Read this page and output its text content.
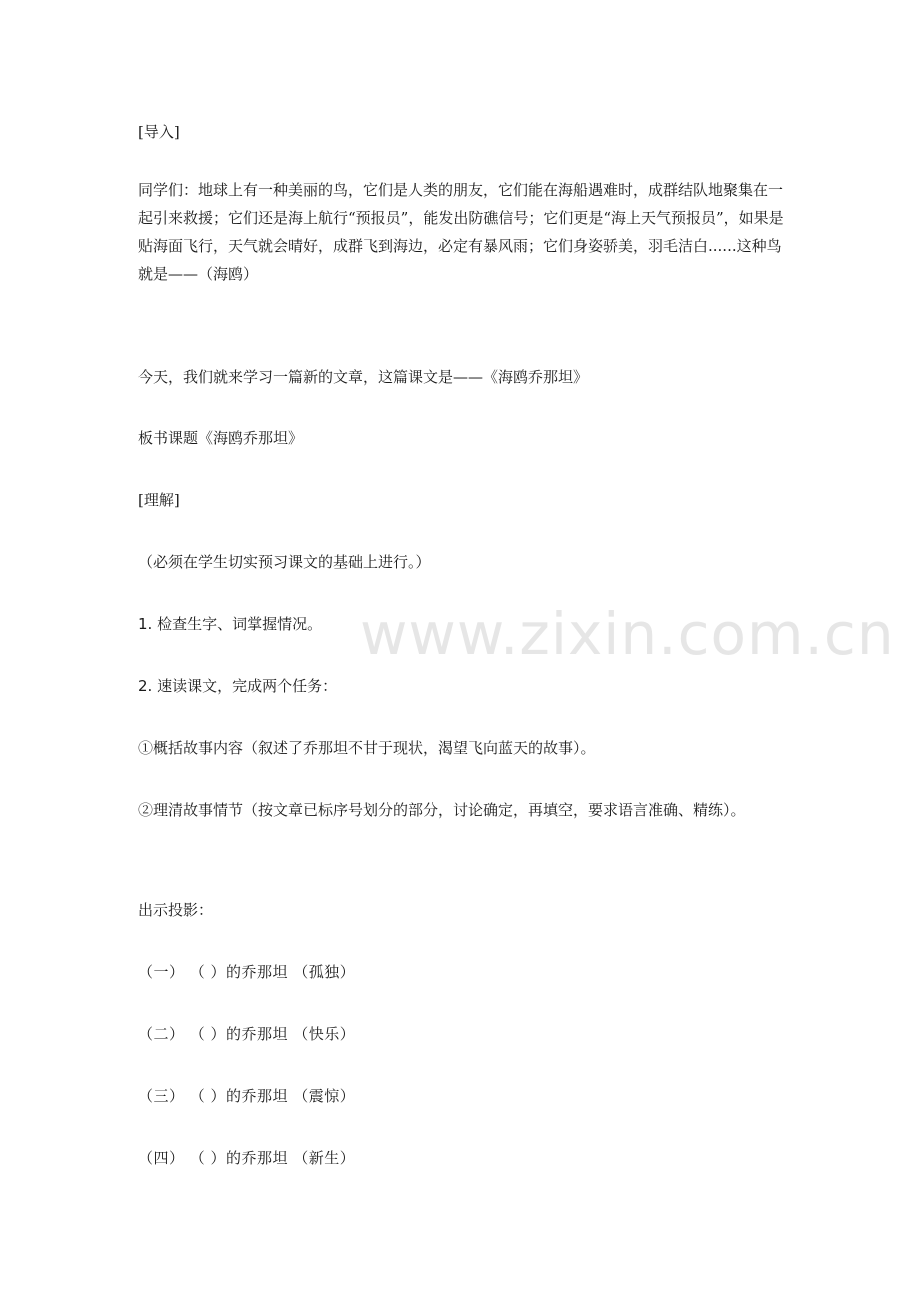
www.zixin.com.cn
[导入]
同学们：地球上有一种美丽的鸟，它们是人类的朋友，它们能在海船遇难时，成群结队地聚集在一起引来救援；它们还是海上航行“预报员”，能发出防礁信号；它们更是“海上天气预报员”，如果是贴海面飞行，天气就会晴好，成群飞到海边，必定有暴风雨；它们身姿骄美，羽毛洁白......这种鸟就是——（海鸥）
今天，我们就来学习一篇新的文章，这篇课文是——《海鸥乔那坦》
板书课题《海鸥乔那坦》
[理解]
（必须在学生切实预习课文的基础上进行。）
1. 检查生字、词掌握情况。
2. 速读课文，完成两个任务：
①概括故事内容（叙述了乔那坦不甘于现状，渴望飞向蓝天的故事）。
②理清故事情节（按文章已标序号划分的部分，讨论确定，再填空，要求语言准确、精练）。
出示投影：
（一） （ ）的乔那坦 （孤独）
（二） （ ）的乔那坦 （快乐）
（三） （ ）的乔那坦 （震惊）
（四） （ ）的乔那坦 （新生）
